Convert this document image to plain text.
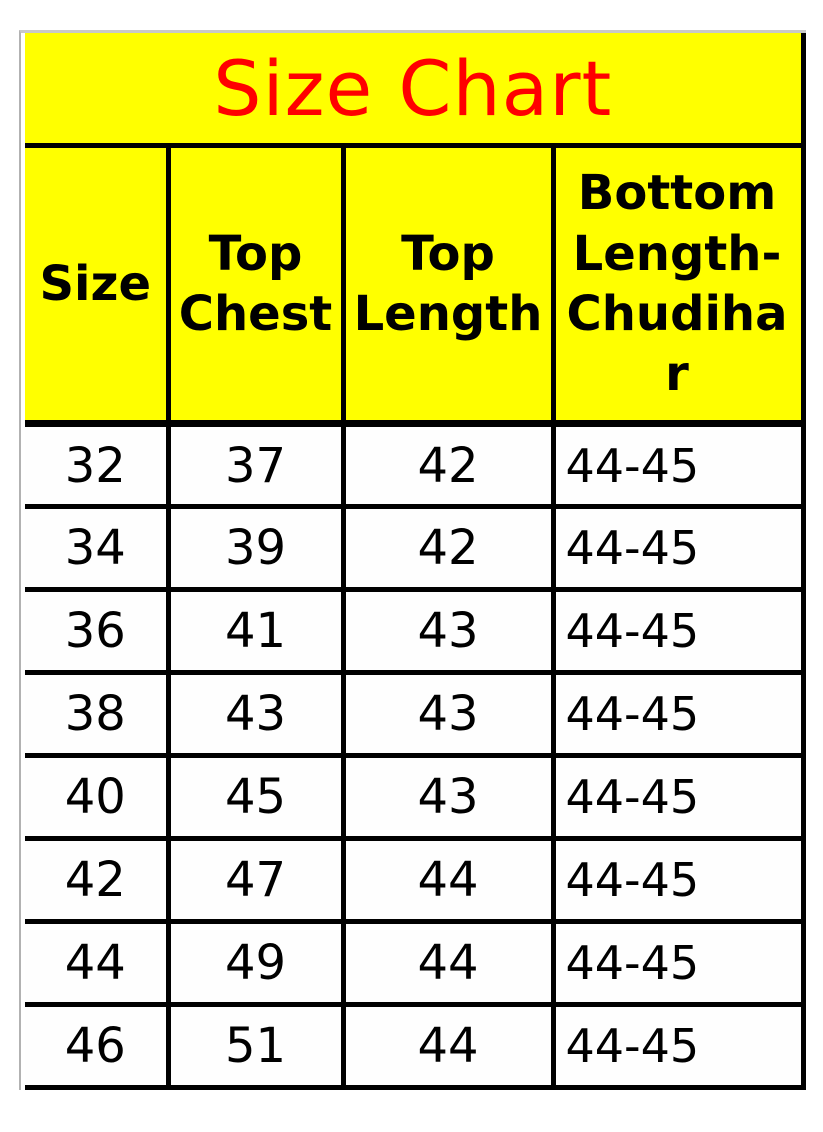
Size Chart			
Size	Top Chest	Top Length	Bottom Length-Chudihar
32	37	42	44-45
34	39	42	44-45
36	41	43	44-45
38	43	43	44-45
40	45	43	44-45
42	47	44	44-45
44	49	44	44-45
46	51	44	44-45
